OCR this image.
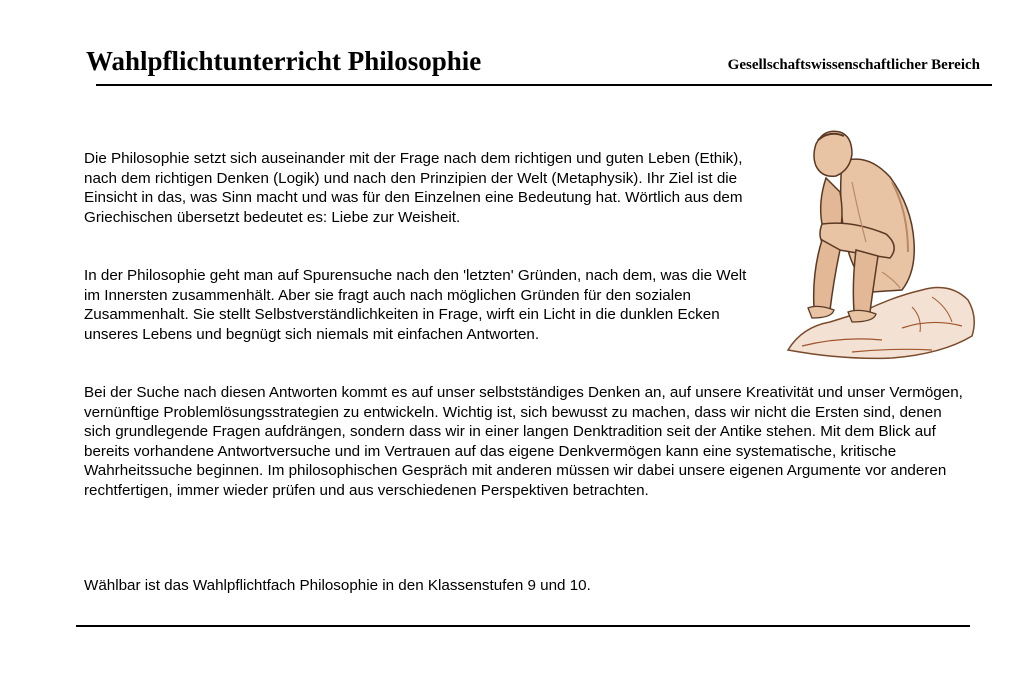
Wahlpflichtunterricht Philosophie	Gesellschaftswissenschaftlicher Bereich

Die Philosophie setzt sich auseinander mit der Frage nach dem richtigen und guten Leben (Ethik), nach dem richtigen Denken (Logik) und nach den Prinzipien der Welt (Metaphysik). Ihr Ziel ist die Einsicht in das, was Sinn macht und was für den Einzelnen eine Bedeutung hat. Wörtlich aus dem Griechischen übersetzt bedeutet es: Liebe zur Weisheit.

In der Philosophie geht man auf Spurensuche nach den 'letzten' Gründen, nach dem, was die Welt im Innersten zusammenhält. Aber sie fragt auch nach möglichen Gründen für den sozialen Zusammenhalt. Sie stellt Selbstverständlichkeiten in Frage, wirft ein Licht in die dunklen Ecken unseres Lebens und begnügt sich niemals mit einfachen Antworten.

Bei der Suche nach diesen Antworten kommt es auf unser selbstständiges Denken an, auf unsere Kreativität und unser Vermögen, vernünftige Problemlösungsstrategien zu entwickeln. Wichtig ist, sich bewusst zu machen, dass wir nicht die Ersten sind, denen sich grundlegende Fragen aufdrängen, sondern dass wir in einer langen Denktradition seit der Antike stehen. Mit dem Blick auf bereits vorhandene Antwortversuche und im Vertrauen auf das eigene Denkvermögen kann eine systematische, kritische Wahrheitssuche beginnen. Im philosophischen Gespräch mit anderen müssen wir dabei unsere eigenen Argumente vor anderen rechtfertigen, immer wieder prüfen und aus verschiedenen Perspektiven betrachten.

Wählbar ist das Wahlpflichtfach Philosophie in den Klassenstufen 9 und 10.
